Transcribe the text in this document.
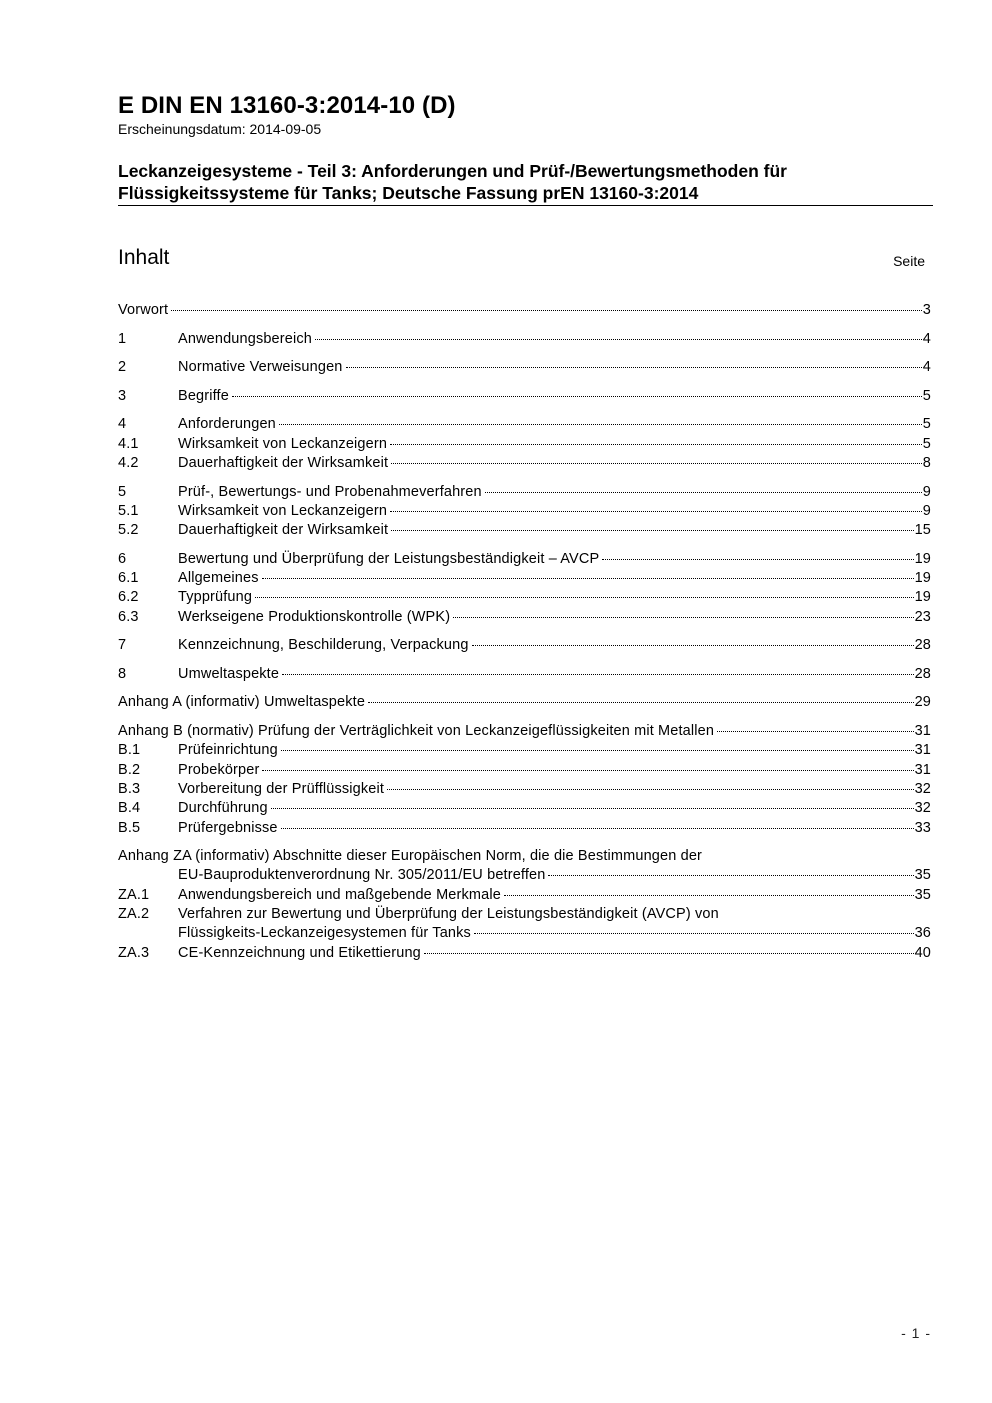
E DIN EN 13160-3:2014-10 (D)
Erscheinungsdatum: 2014-09-05
Leckanzeigesysteme - Teil 3: Anforderungen und Prüf-/Bewertungsmethoden für
Flüssigkeitssysteme für Tanks; Deutsche Fassung prEN 13160-3:2014
Inhalt	Seite
Vorwort	3
1	Anwendungsbereich	4
2	Normative Verweisungen	4
3	Begriffe	5
4	Anforderungen	5
4.1	Wirksamkeit von Leckanzeigern	5
4.2	Dauerhaftigkeit der Wirksamkeit	8
5	Prüf-, Bewertungs- und Probenahmeverfahren	9
5.1	Wirksamkeit von Leckanzeigern	9
5.2	Dauerhaftigkeit der Wirksamkeit	15
6	Bewertung und Überprüfung der Leistungsbeständigkeit – AVCP	19
6.1	Allgemeines	19
6.2	Typprüfung	19
6.3	Werkseigene Produktionskontrolle (WPK)	23
7	Kennzeichnung, Beschilderung, Verpackung	28
8	Umweltaspekte	28
Anhang A (informativ) Umweltaspekte	29
Anhang B (normativ) Prüfung der Verträglichkeit von Leckanzeigeflüssigkeiten mit Metallen	31
B.1	Prüfeinrichtung	31
B.2	Probekörper	31
B.3	Vorbereitung der Prüfflüssigkeit	32
B.4	Durchführung	32
B.5	Prüfergebnisse	33
Anhang ZA (informativ) Abschnitte dieser Europäischen Norm, die die Bestimmungen der
EU-Bauproduktenverordnung Nr. 305/2011/EU betreffen	35
ZA.1	Anwendungsbereich und maßgebende Merkmale	35
ZA.2	Verfahren zur Bewertung und Überprüfung der Leistungsbeständigkeit (AVCP) von
Flüssigkeits-Leckanzeigesystemen für Tanks	36
ZA.3	CE-Kennzeichnung und Etikettierung	40
- 1 -
